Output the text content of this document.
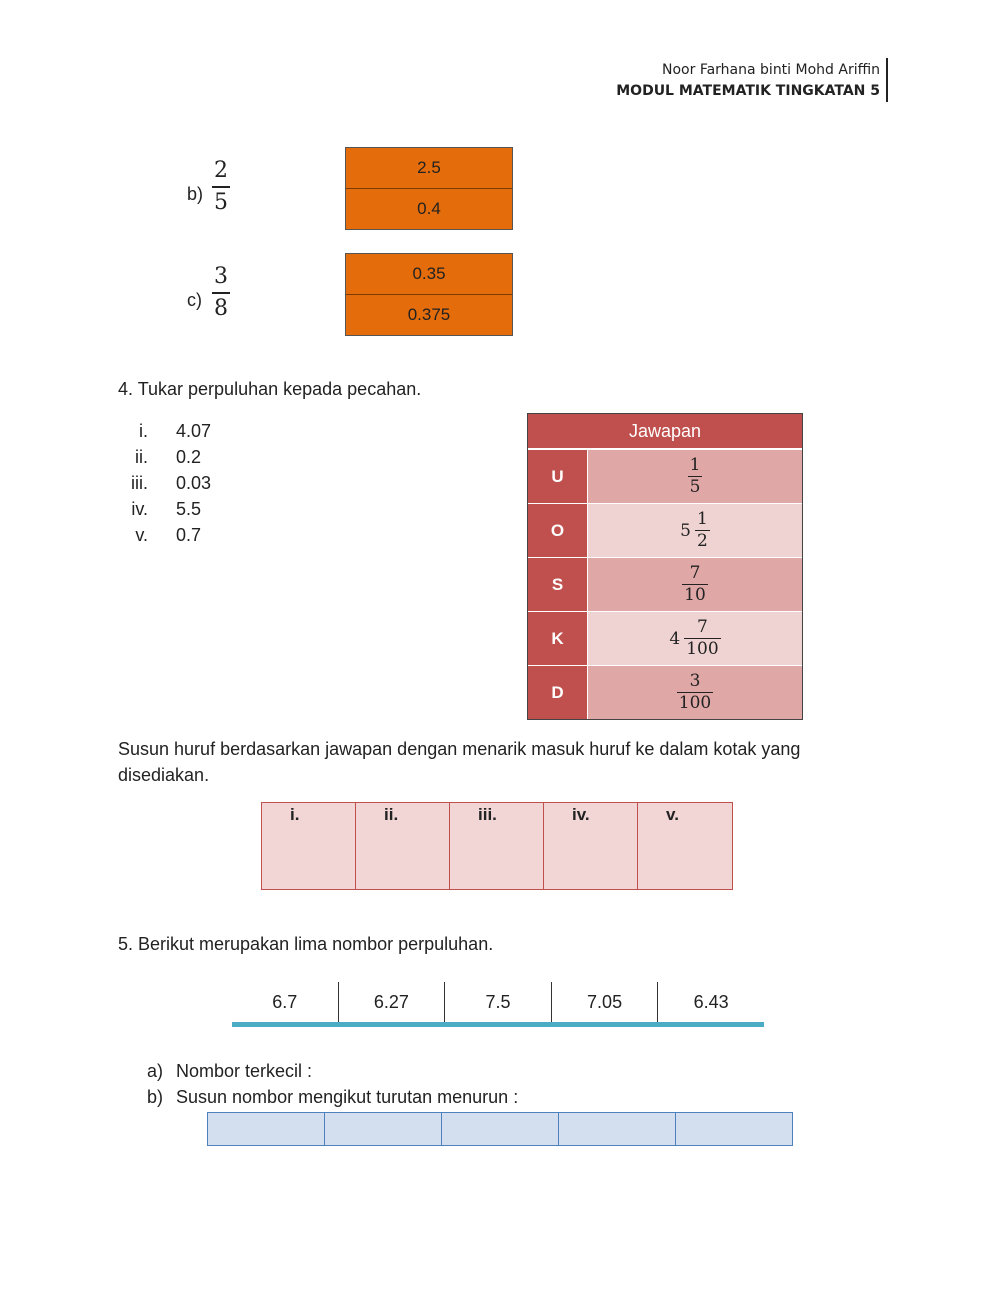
Noor Farhana binti Mohd Ariffin
MODUL MATEMATIK TINGKATAN 5
$b) \frac{2}{5}$	2.5
0.4
$c) \frac{3}{8}$	0.35
0.375
4. Tukar perpuluhan kepada pecahan.
i.	4.07
ii.	0.2
iii.	0.03
iv.	5.5
v.	0.7
Jawapan
U	$\frac{1}{5}$
O	$5 \frac{1}{2}$
S	$\frac{7}{10}$
K	$4 \frac{7}{100}$
D	$\frac{3}{100}$
Susun huruf berdasarkan jawapan dengan menarik masuk huruf ke dalam kotak yang disediakan.
i.	ii.	iii.	iv.	v.
5. Berikut merupakan lima nombor perpuluhan.
6.7	6.27	7.5	7.05	6.43
a) Nombor terkecil :
b) Susun nombor mengikut turutan menurun :
